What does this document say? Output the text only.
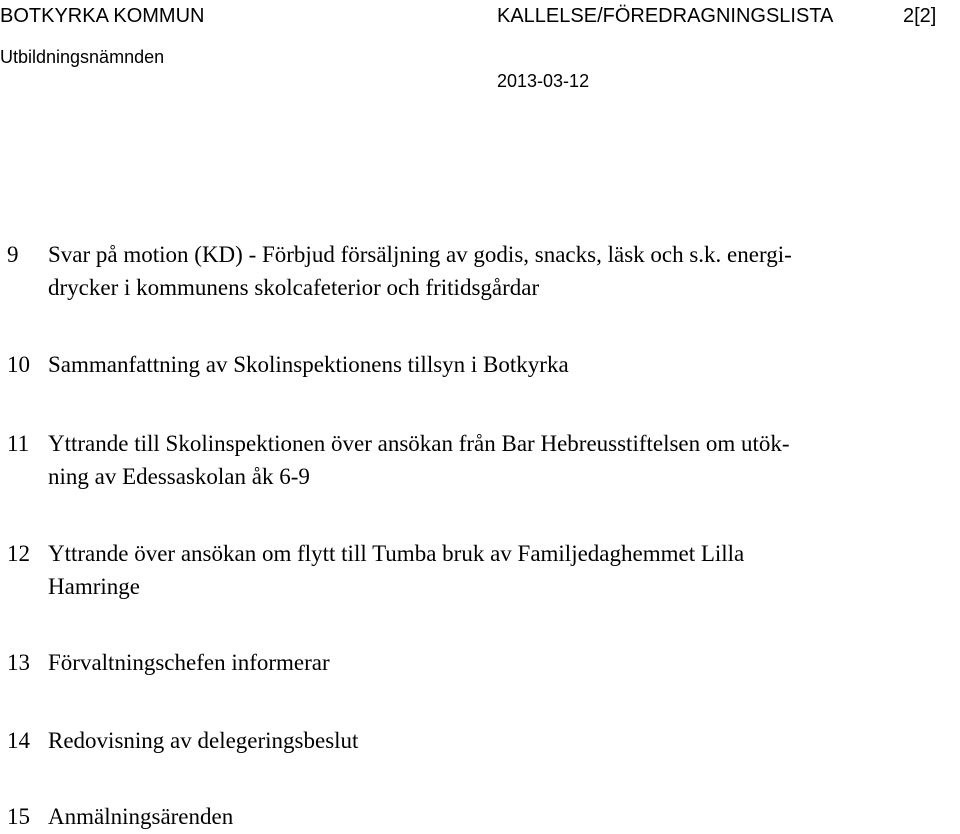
BOTKYRKA KOMMUN	KALLELSE/FÖREDRAGNINGSLISTA	2[2]
Utbildningsnämnden
2013-03-12
9 Svar på motion (KD) - Förbjud försäljning av godis, snacks, läsk och s.k. energi-
drycker i kommunens skolcafeterior och fritidsgårdar
10 Sammanfattning av Skolinspektionens tillsyn i Botkyrka
11 Yttrande till Skolinspektionen över ansökan från Bar Hebreusstiftelsen om utök-
ning av Edessaskolan åk 6-9
12 Yttrande över ansökan om flytt till Tumba bruk av Familjedaghemmet Lilla
Hamringe
13 Förvaltningschefen informerar
14 Redovisning av delegeringsbeslut
15 Anmälningsärenden
